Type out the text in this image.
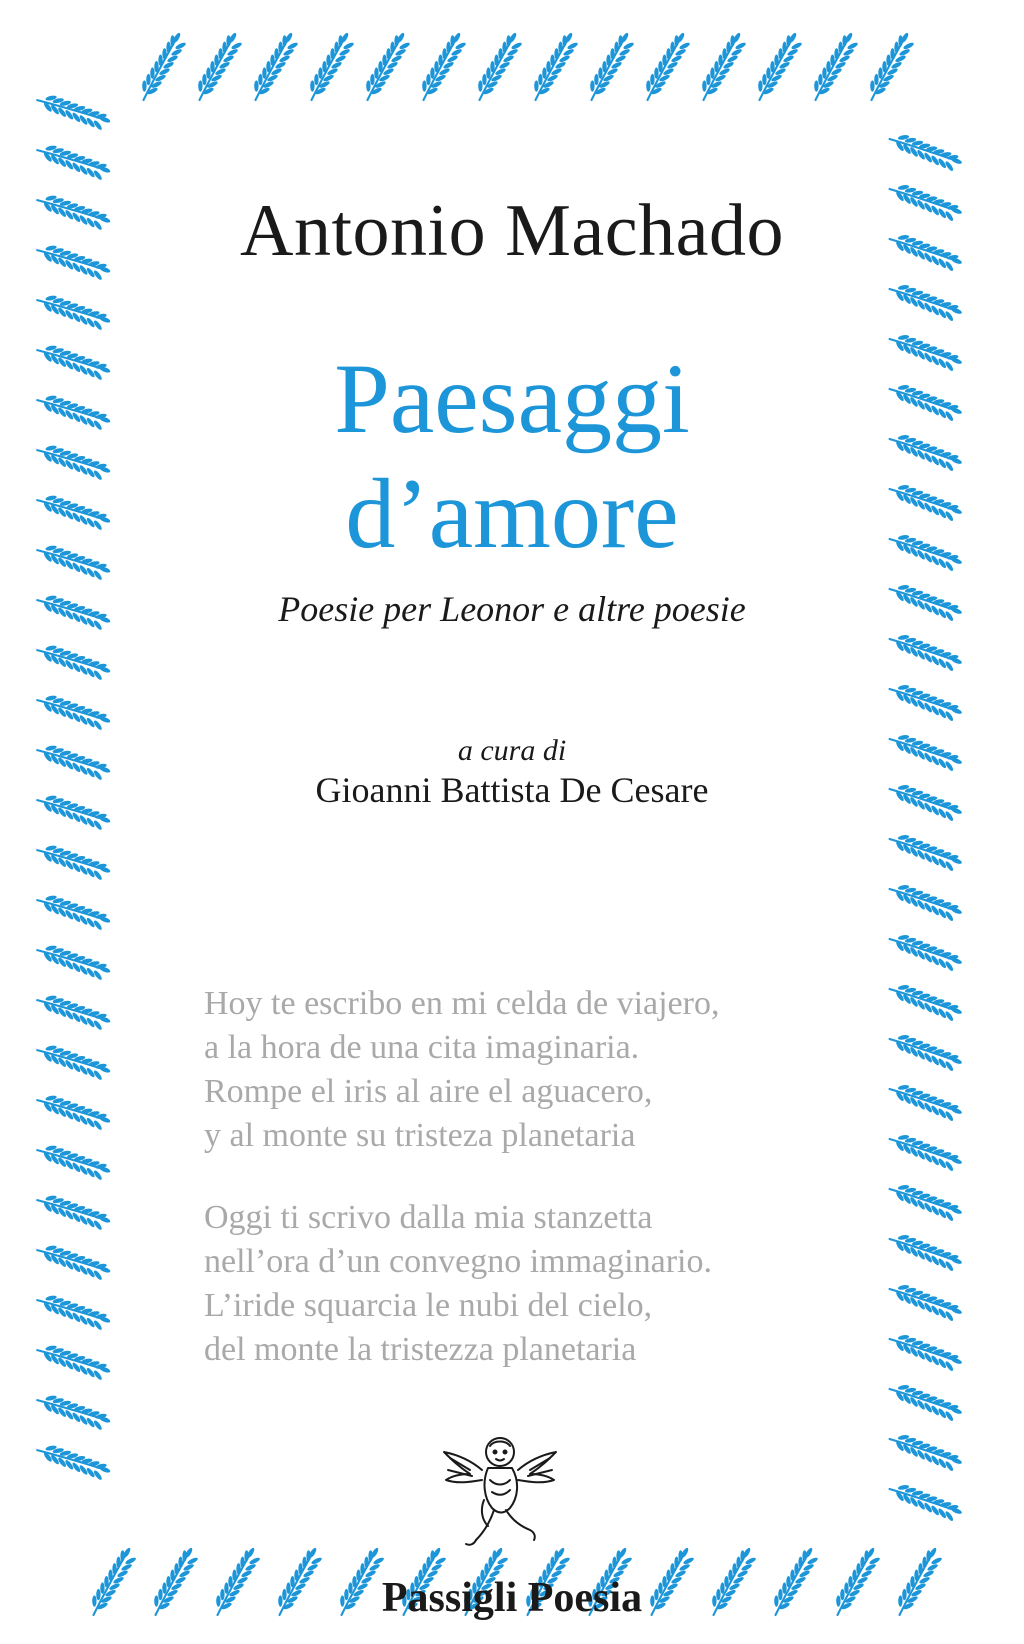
Antonio Machado
Paesaggi
d’amore
Poesie per Leonor e altre poesie
a cura di
Gioanni Battista De Cesare
Hoy te escribo en mi celda de viajero,
a la hora de una cita imaginaria.
Rompe el iris al aire el aguacero,
y al monte su tristeza planetaria
Oggi ti scrivo dalla mia stanzetta
nell’ora d’un convegno immaginario.
L’iride squarcia le nubi del cielo,
del monte la tristezza planetaria
Passigli Poesia
